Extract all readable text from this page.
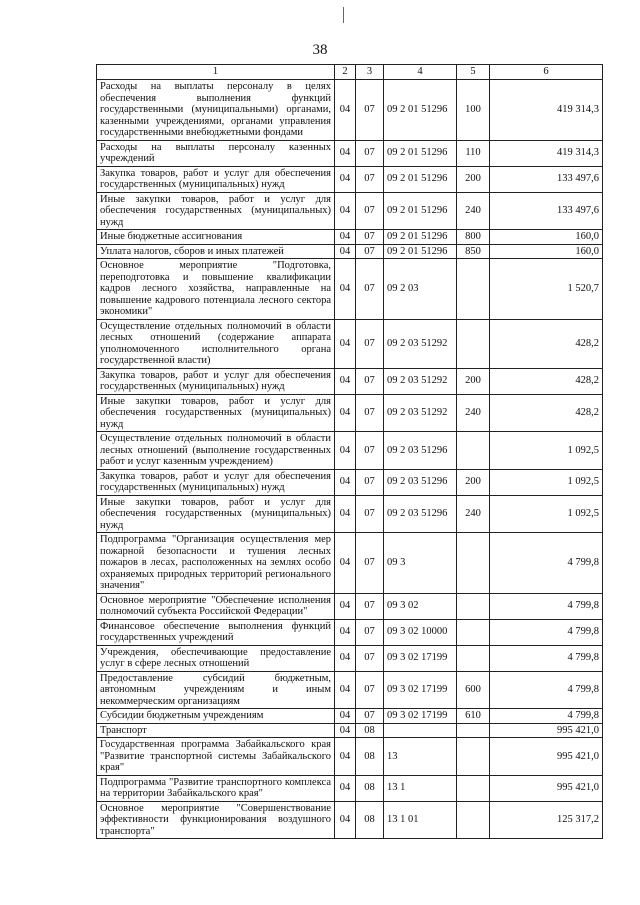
38
1	2	3	4	5	6
Расходы на выплаты персоналу в целях обеспечения выполнения функций государственными (муниципальными) органами, казенными учреждениями, органами управления государственными внебюджетными фондами	04	07	09 2 01 51296	100	419 314,3
Расходы на выплаты персоналу казенных учреждений	04	07	09 2 01 51296	110	419 314,3
Закупка товаров, работ и услуг для обеспечения государственных (муниципальных) нужд	04	07	09 2 01 51296	200	133 497,6
Иные закупки товаров, работ и услуг для обеспечения государственных (муниципальных) нужд	04	07	09 2 01 51296	240	133 497,6
Иные бюджетные ассигнования	04	07	09 2 01 51296	800	160,0
Уплата налогов, сборов и иных платежей	04	07	09 2 01 51296	850	160,0
Основное мероприятие "Подготовка, переподготовка и повышение квалификации кадров лесного хозяйства, направленные на повышение кадрового потенциала лесного сектора экономики"	04	07	09 2 03		1 520,7
Осуществление отдельных полномочий в области лесных отношений (содержание аппарата уполномоченного исполнительного органа государственной власти)	04	07	09 2 03 51292		428,2
Закупка товаров, работ и услуг для обеспечения государственных (муниципальных) нужд	04	07	09 2 03 51292	200	428,2
Иные закупки товаров, работ и услуг для обеспечения государственных (муниципальных) нужд	04	07	09 2 03 51292	240	428,2
Осуществление отдельных полномочий в области лесных отношений (выполнение государственных работ и услуг казенным учреждением)	04	07	09 2 03 51296		1 092,5
Закупка товаров, работ и услуг для обеспечения государственных (муниципальных) нужд	04	07	09 2 03 51296	200	1 092,5
Иные закупки товаров, работ и услуг для обеспечения государственных (муниципальных) нужд	04	07	09 2 03 51296	240	1 092,5
Подпрограмма "Организация осуществления мер пожарной безопасности и тушения лесных пожаров в лесах, расположенных на землях особо охраняемых природных территорий регионального значения"	04	07	09 3		4 799,8
Основное мероприятие "Обеспечение исполнения полномочий субъекта Российской Федерации"	04	07	09 3 02		4 799,8
Финансовое обеспечение выполнения функций государственных учреждений	04	07	09 3 02 10000		4 799,8
Учреждения, обеспечивающие предоставление услуг в сфере лесных отношений	04	07	09 3 02 17199		4 799,8
Предоставление субсидий бюджетным, автономным учреждениям и иным некоммерческим организациям	04	07	09 3 02 17199	600	4 799,8
Субсидии бюджетным учреждениям	04	07	09 3 02 17199	610	4 799,8
Транспорт	04	08			995 421,0
Государственная программа Забайкальского края "Развитие транспортной системы Забайкальского края"	04	08	13		995 421,0
Подпрограмма "Развитие транспортного комплекса на территории Забайкальского края"	04	08	13 1		995 421,0
Основное мероприятие "Совершенствование эффективности функционирования воздушного транспорта"	04	08	13 1 01		125 317,2
